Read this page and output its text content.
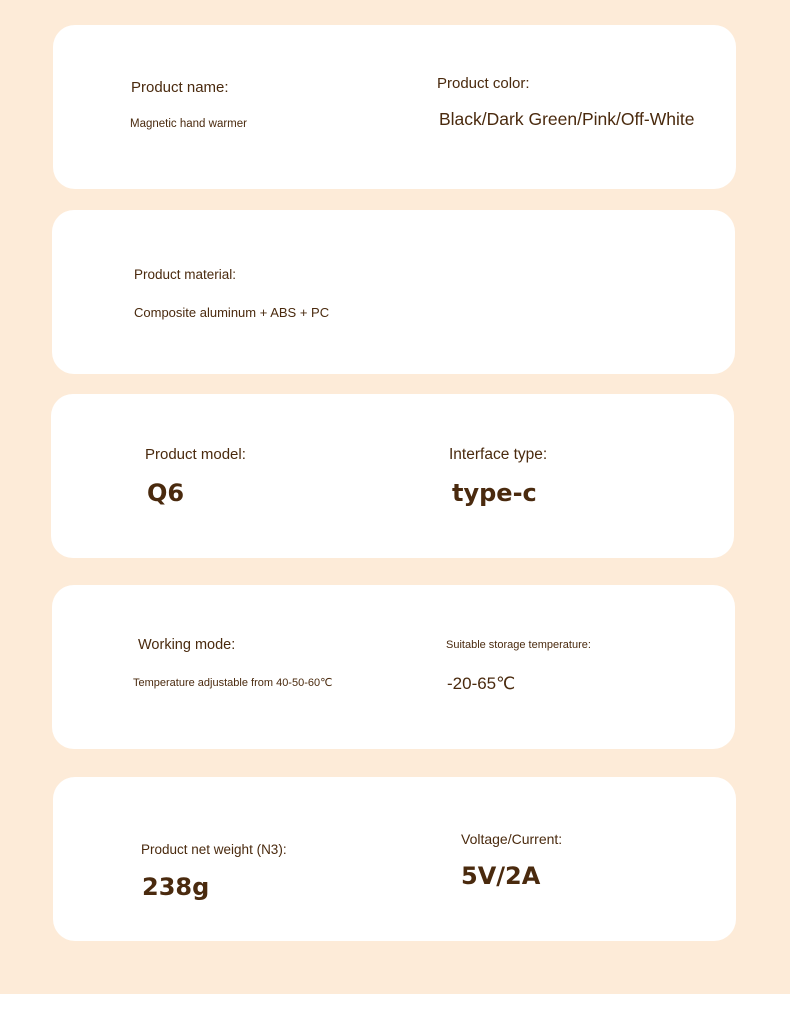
Product name:
Magnetic hand warmer
Product color:
Black/Dark Green/Pink/Off-White
Product material:
Composite aluminum + ABS + PC
Product model:
Q6
Interface type:
type-c
Working mode:
Temperature adjustable from 40-50-60℃
Suitable storage temperature:
-20-65℃
Product net weight (N3):
238g
Voltage/Current:
5V/2A
